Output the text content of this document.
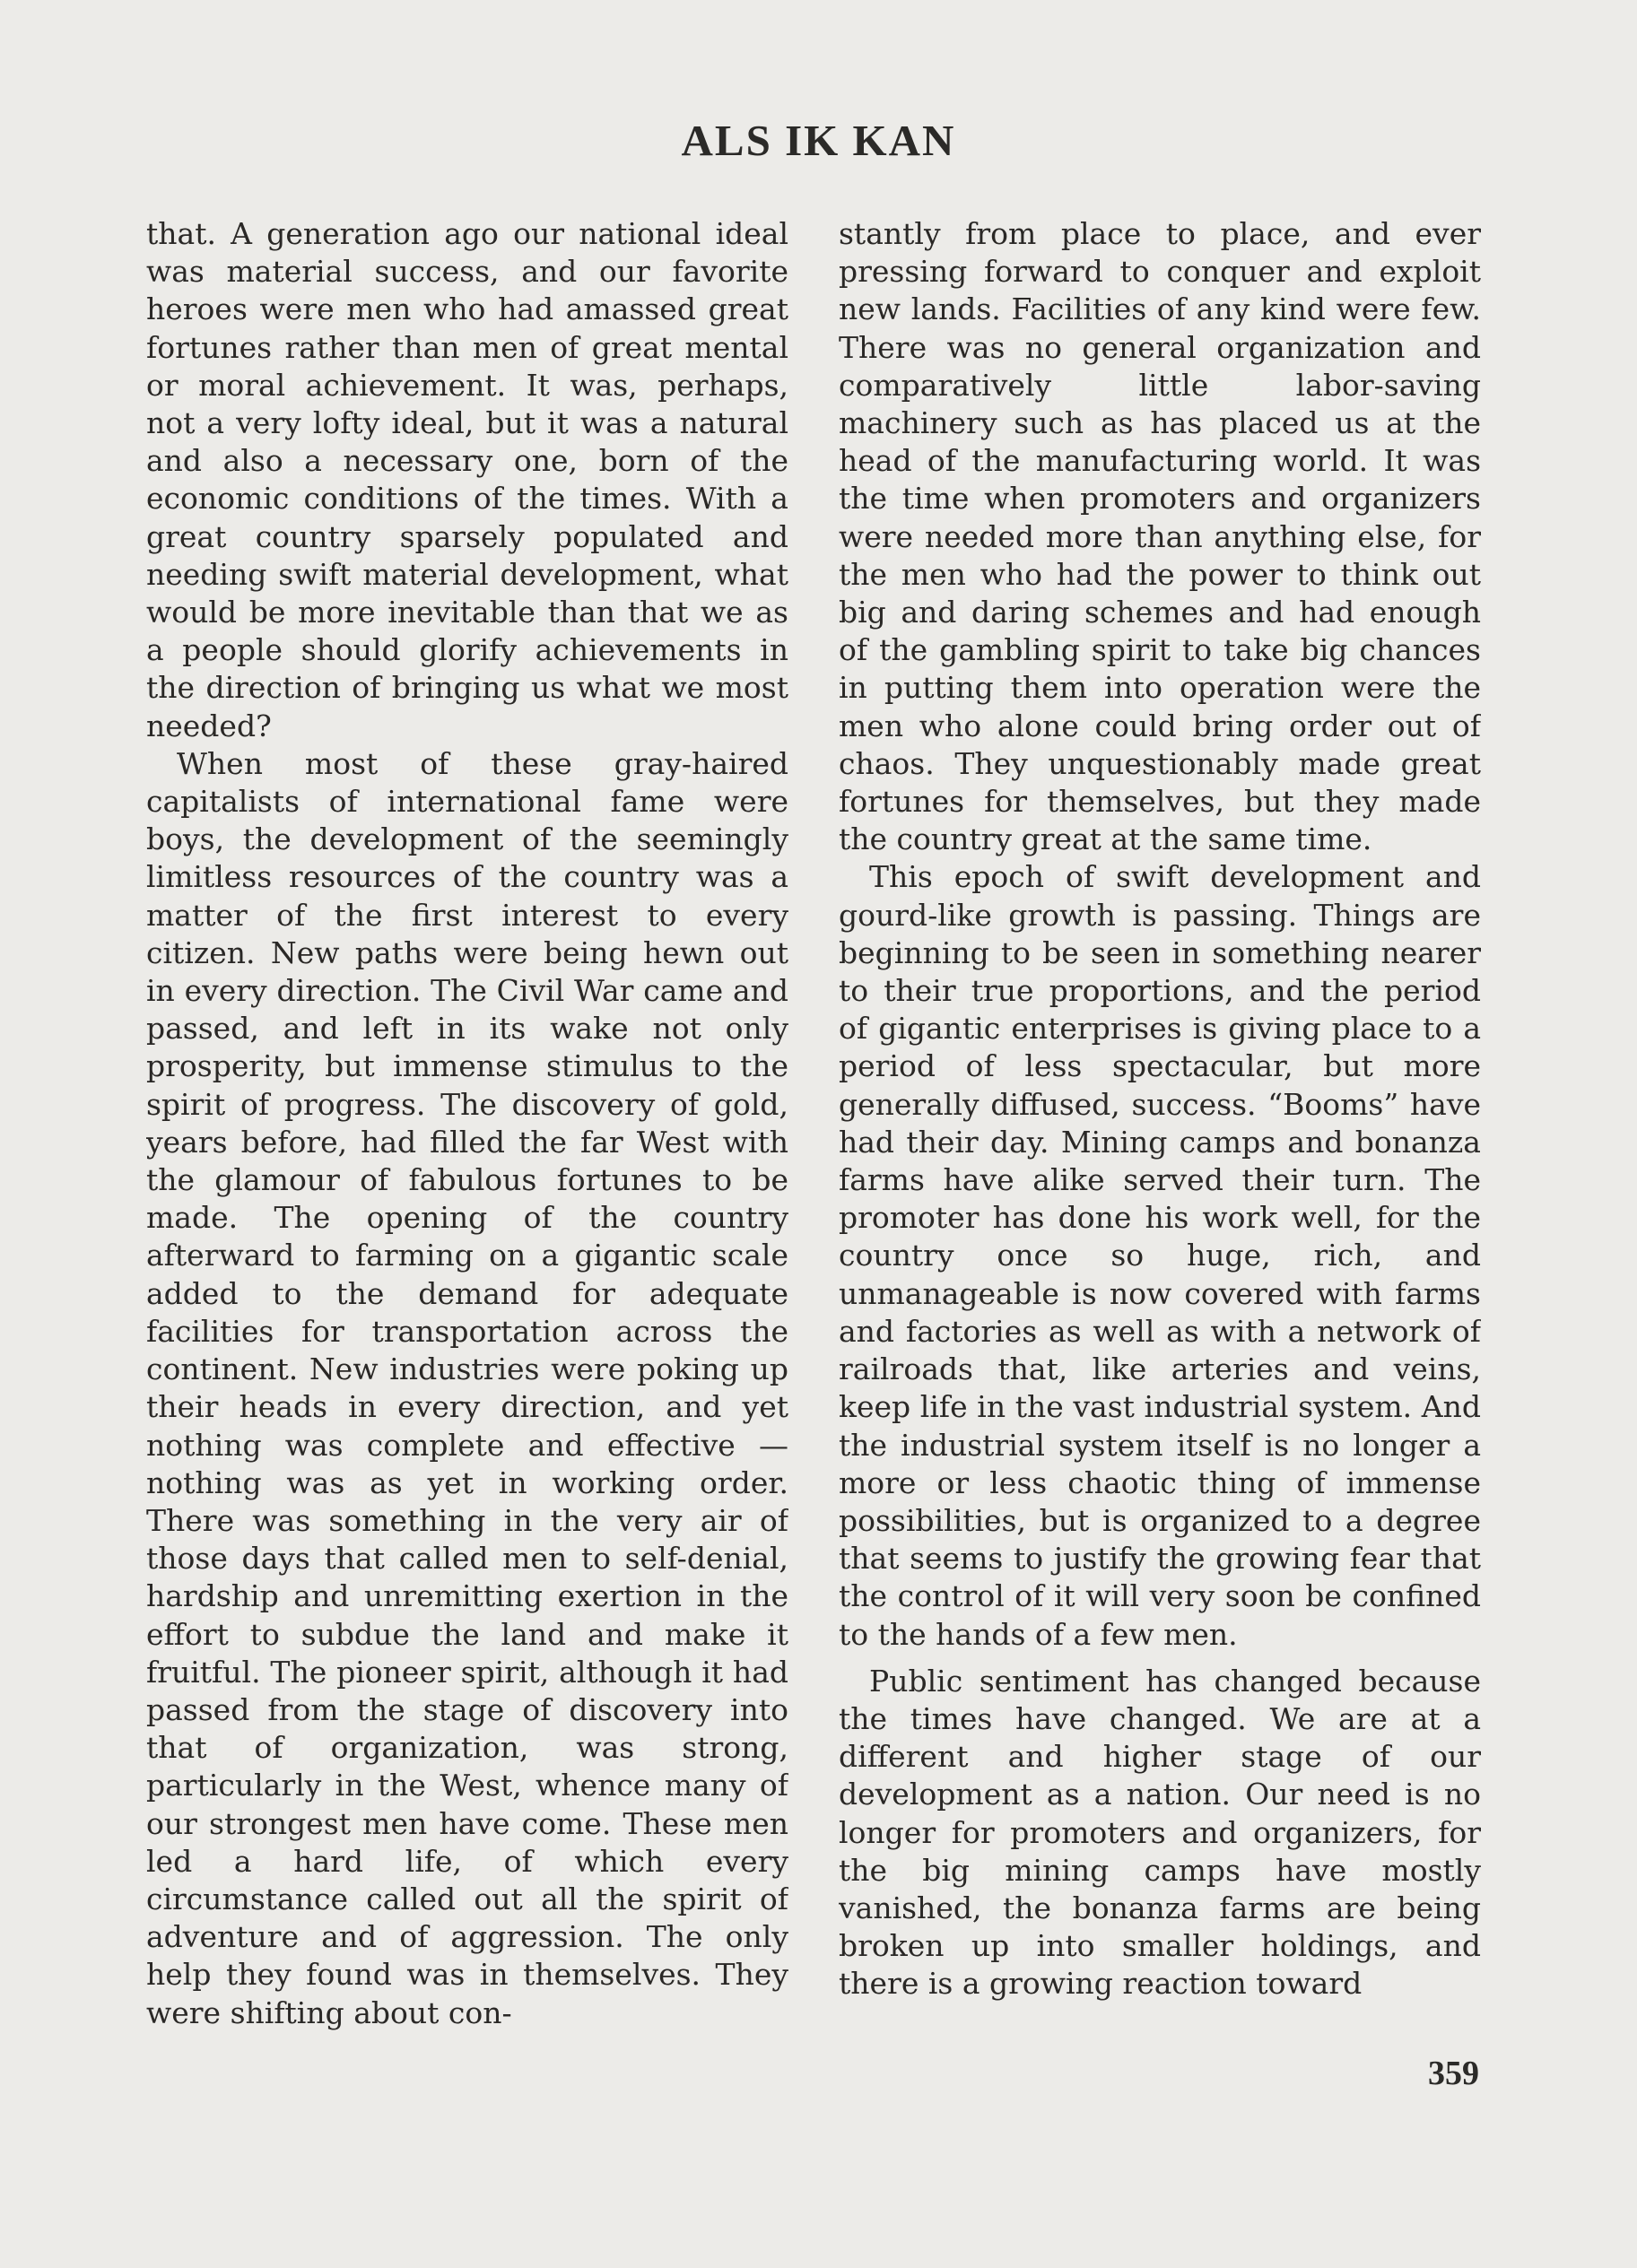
ALS IK KAN

that. A generation ago our national ideal was material success, and our favorite heroes were men who had amassed great fortunes rather than men of great mental or moral achievement. It was, perhaps, not a very lofty ideal, but it was a natural and also a necessary one, born of the economic conditions of the times. With a great country sparsely populated and needing swift material development, what would be more inevitable than that we as a people should glorify achievements in the direction of bringing us what we most needed?

When most of these gray-haired capitalists of international fame were boys, the development of the seemingly limitless resources of the country was a matter of the first interest to every citizen. New paths were being hewn out in every direction. The Civil War came and passed, and left in its wake not only prosperity, but immense stimulus to the spirit of progress. The discovery of gold, years before, had filled the far West with the glamour of fabulous fortunes to be made. The opening of the country afterward to farming on a gigantic scale added to the demand for adequate facilities for transportation across the continent. New industries were poking up their heads in every direction, and yet nothing was complete and effective —nothing was as yet in working order. There was something in the very air of those days that called men to self-denial, hardship and unremitting exertion in the effort to subdue the land and make it fruitful. The pioneer spirit, although it had passed from the stage of discovery into that of organization, was strong, particularly in the West, whence many of our strongest men have come. These men led a hard life, of which every circumstance called out all the spirit of adventure and of aggression. The only help they found was in themselves. They were shifting about con-

stantly from place to place, and ever pressing forward to conquer and exploit new lands. Facilities of any kind were few. There was no general organization and comparatively little labor-saving machinery such as has placed us at the head of the manufacturing world. It was the time when promoters and organizers were needed more than anything else, for the men who had the power to think out big and daring schemes and had enough of the gambling spirit to take big chances in putting them into operation were the men who alone could bring order out of chaos. They unquestionably made great fortunes for themselves, but they made the country great at the same time.

This epoch of swift development and gourd-like growth is passing. Things are beginning to be seen in something nearer to their true proportions, and the period of gigantic enterprises is giving place to a period of less spectacular, but more generally diffused, success. “Booms” have had their day. Mining camps and bonanza farms have alike served their turn. The promoter has done his work well, for the country once so huge, rich, and unmanageable is now covered with farms and factories as well as with a network of railroads that, like arteries and veins, keep life in the vast industrial system. And the industrial system itself is no longer a more or less chaotic thing of immense possibilities, but is organized to a degree that seems to justify the growing fear that the control of it will very soon be confined to the hands of a few men.

Public sentiment has changed because the times have changed. We are at a different and higher stage of our development as a nation. Our need is no longer for promoters and organizers, for the big mining camps have mostly vanished, the bonanza farms are being broken up into smaller holdings, and there is a growing reaction toward

359
